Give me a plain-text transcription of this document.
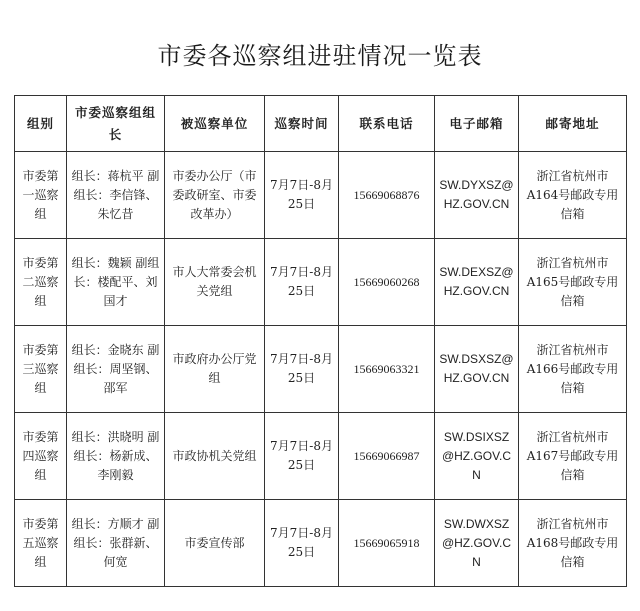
市委各巡察组进驻情况一览表
组别	市委巡察组组长	被巡察单位	巡察时间	联系电话	电子邮箱	邮寄地址
市委第一巡察组	组长：蒋杭平 副组长：李信锋、朱忆昔	市委办公厅（市委政研室、市委改革办）	7月7日-8月25日	15669068876	SW.DYXSZ@HZ.GOV.CN	浙江省杭州市A164号邮政专用信箱
市委第二巡察组	组长：魏颖 副组长：楼配平、刘国才	市人大常委会机关党组	7月7日-8月25日	15669060268	SW.DEXSZ@HZ.GOV.CN	浙江省杭州市A165号邮政专用信箱
市委第三巡察组	组长：金晓东 副组长：周坚钢、邵军	市政府办公厅党组	7月7日-8月25日	15669063321	SW.DSXSZ@HZ.GOV.CN	浙江省杭州市A166号邮政专用信箱
市委第四巡察组	组长：洪晓明 副组长：杨新成、李刚毅	市政协机关党组	7月7日-8月25日	15669066987	SW.DSIXSZ@HZ.GOV.CN	浙江省杭州市A167号邮政专用信箱
市委第五巡察组	组长：方顺才 副组长：张群新、何宽	市委宣传部	7月7日-8月25日	15669065918	SW.DWXSZ@HZ.GOV.CN	浙江省杭州市A168号邮政专用信箱
